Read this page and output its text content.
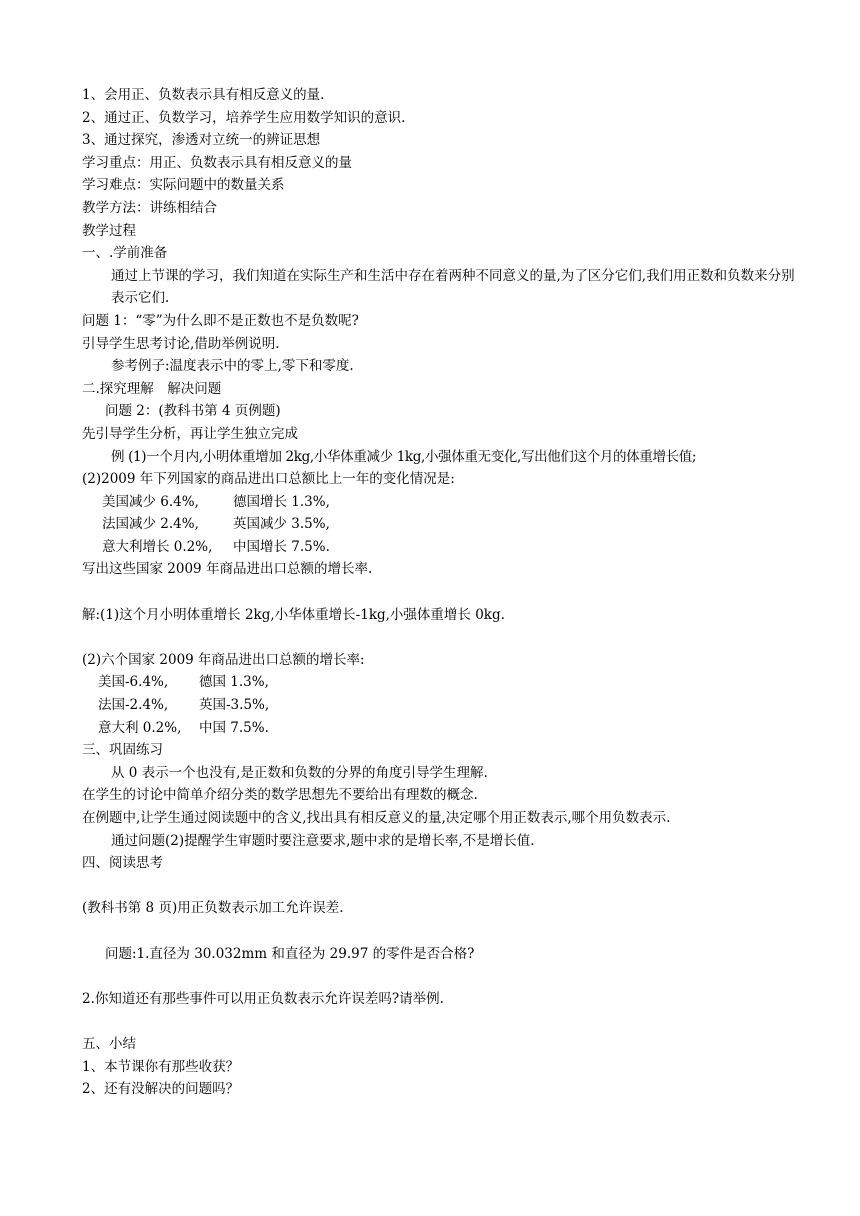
1、会用正、负数表示具有相反意义的量.
2、通过正、负数学习，培养学生应用数学知识的意识.
3、通过探究，渗透对立统一的辨证思想
学习重点：用正、负数表示具有相反意义的量
学习难点：实际问题中的数量关系
教学方法：讲练相结合
教学过程
一、.学前准备
通过上节课的学习，我们知道在实际生产和生活中存在着两种不同意义的量,为了区分它们,我们用正数和负数来分别表示它们.
问题 1：“零”为什么即不是正数也不是负数呢?
引导学生思考讨论,借助举例说明.
参考例子:温度表示中的零上,零下和零度.
二.探究理解　解决问题
问题 2：(教科书第 4 页例题)
先引导学生分析，再让学生独立完成
例 (1)一个月内,小明体重增加 2kg,小华体重减少 1kg,小强体重无变化,写出他们这个月的体重增长值;
(2)2009 年下列国家的商品进出口总额比上一年的变化情况是:
美国减少 6.4%,	德国增长 1.3%,
法国减少 2.4%,	英国减少 3.5%,
意大利增长 0.2%, 中国增长 7.5%.
写出这些国家 2009 年商品进出口总额的增长率.
解:(1)这个月小明体重增长 2kg,小华体重增长-1kg,小强体重增长 0kg.
(2)六个国家 2009 年商品进出口总额的增长率:
美国-6.4%, 德国 1.3%,
法国-2.4%, 英国-3.5%,
意大利 0.2%, 中国 7.5%.
三、巩固练习
从 0 表示一个也没有,是正数和负数的分界的角度引导学生理解.
在学生的讨论中简单介绍分类的数学思想先不要给出有理数的概念.
在例题中,让学生通过阅读题中的含义,找出具有相反意义的量,决定哪个用正数表示,哪个用负数表示.
通过问题(2)提醒学生审题时要注意要求,题中求的是增长率,不是增长值.
四、阅读思考
(教科书第 8 页)用正负数表示加工允许误差.
问题:1.直径为 30.032mm 和直径为 29.97 的零件是否合格?
2.你知道还有那些事件可以用正负数表示允许误差吗?请举例.
五、小结
1、本节课你有那些收获？
2、还有没解决的问题吗？
